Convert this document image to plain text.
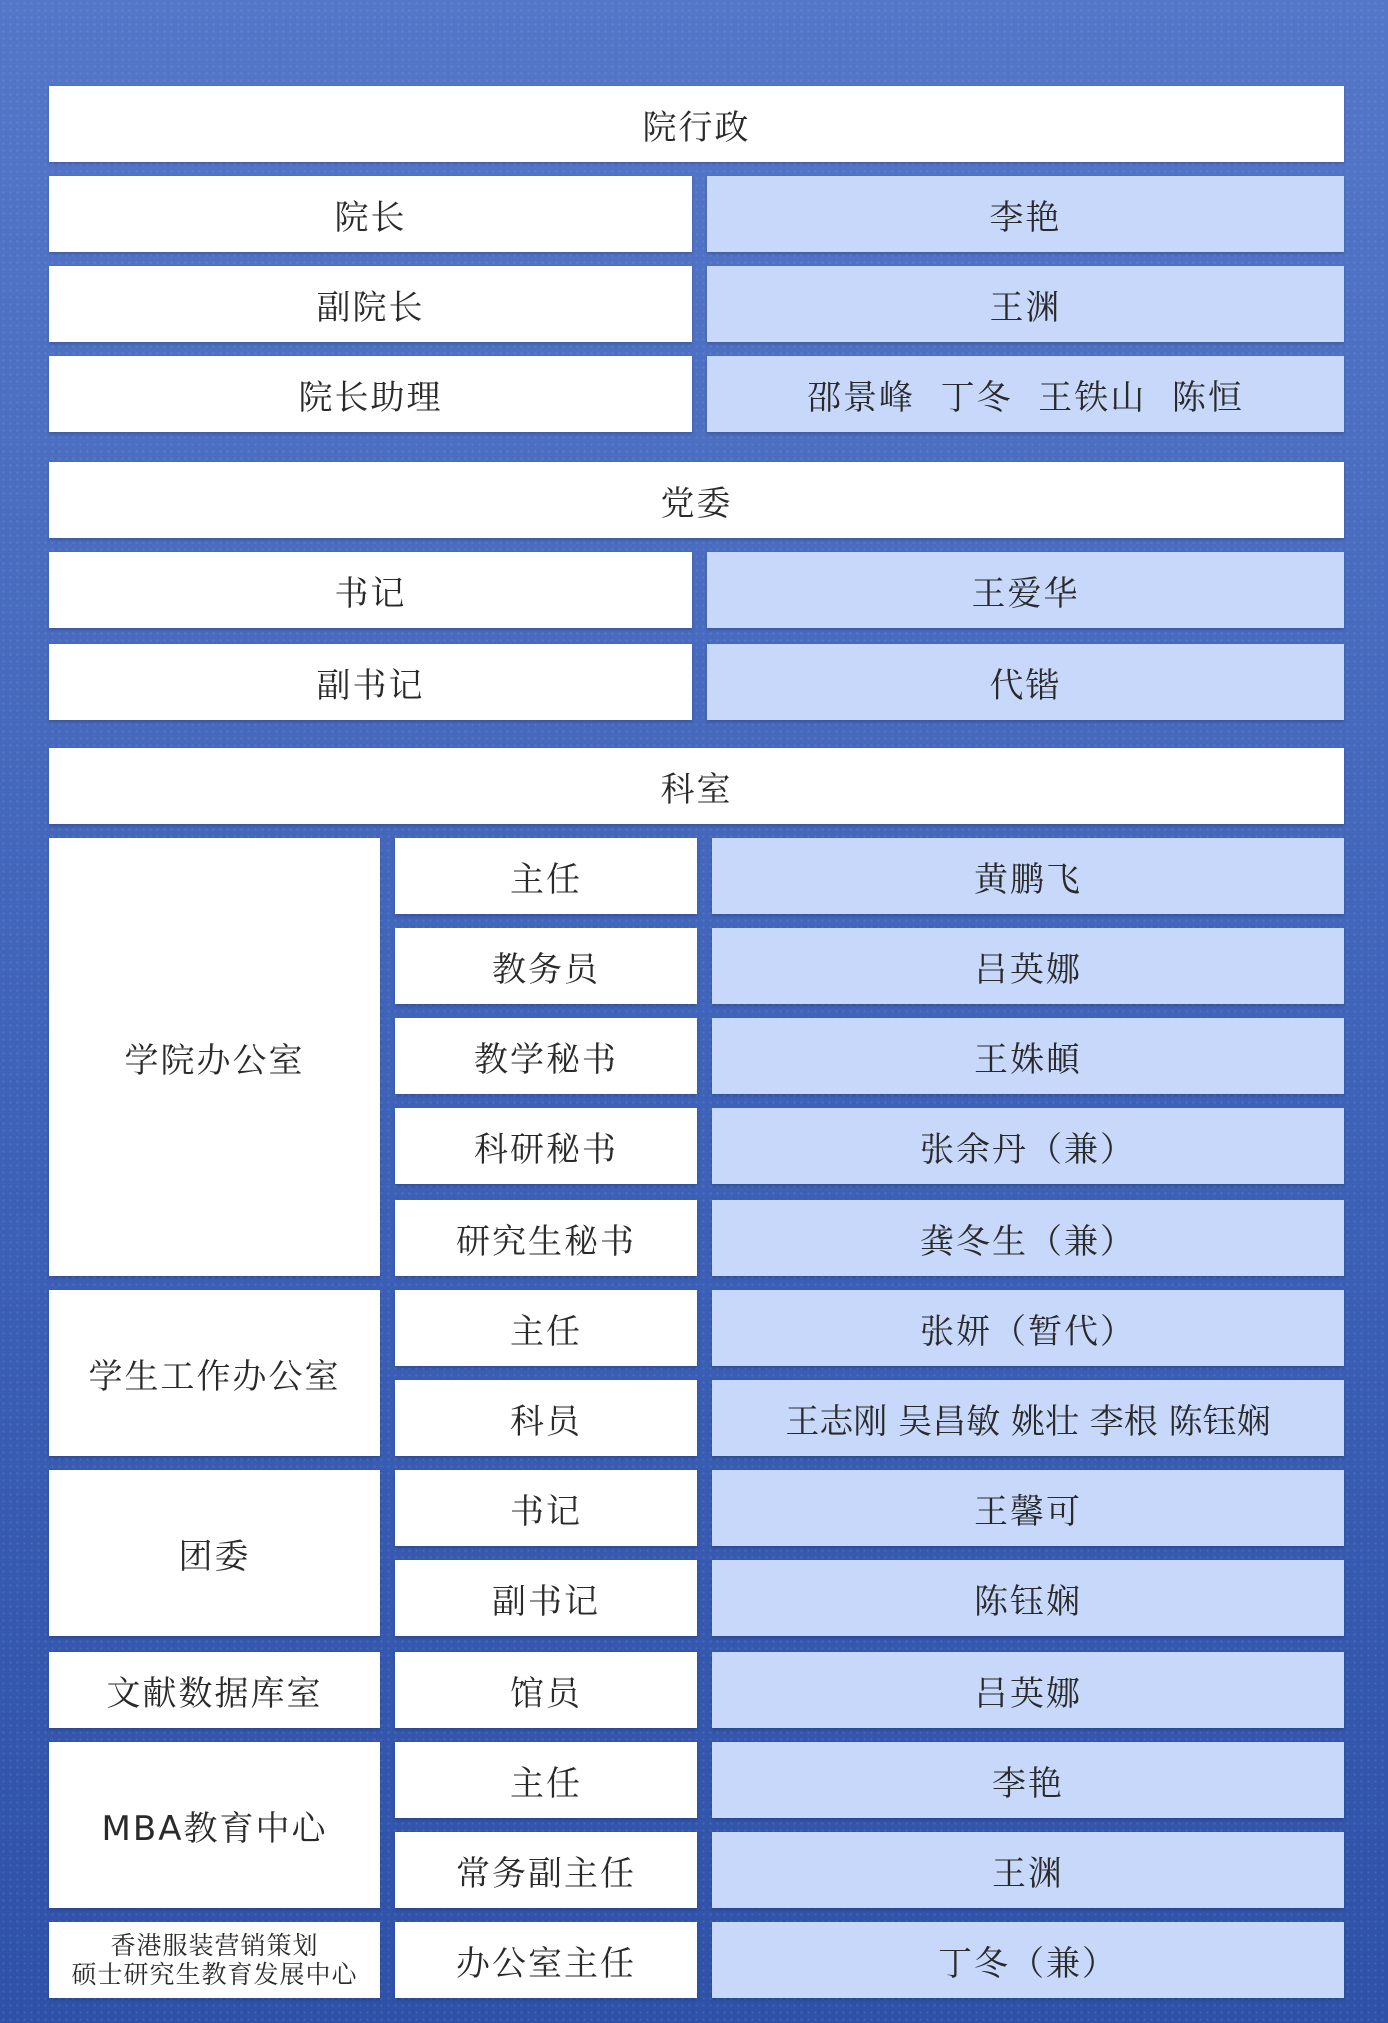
院行政
院长	李艳
副院长	王渊
院长助理	邵景峰  丁冬  王铁山  陈恒
党委
书记	王爱华
副书记	代锴
科室
学院办公室
主任	黄鹏飞
教务员	吕英娜
教学秘书	王姝頔
科研秘书	张余丹（兼）
研究生秘书	龚冬生（兼）
学生工作办公室
主任	张妍（暂代）
科员	王志刚 吴昌敏 姚壮 李根 陈钰娴
团委
书记	王馨可
副书记	陈钰娴
文献数据库室	馆员	吕英娜
MBA教育中心
主任	李艳
常务副主任	王渊
香港服装营销策划
硕士研究生教育发展中心	办公室主任	丁冬（兼）
